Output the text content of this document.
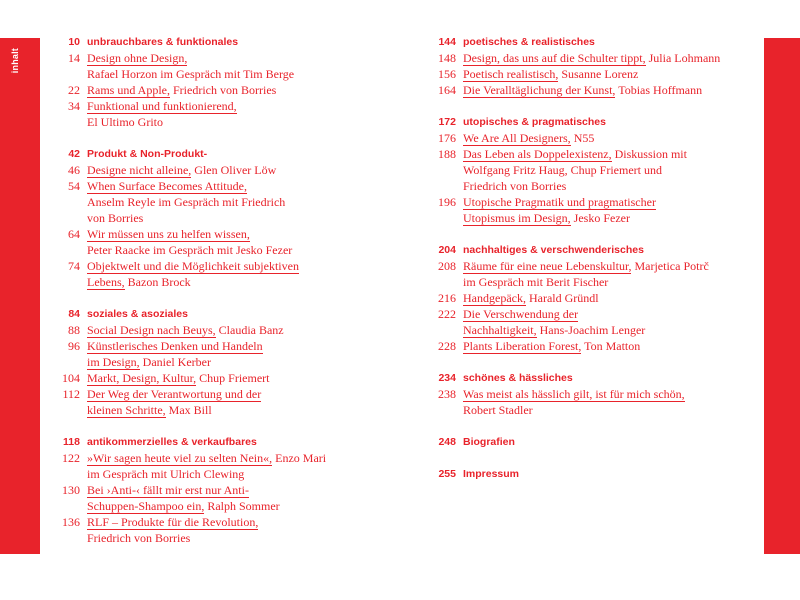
inhalt
10 unbrauchbares & funktionales
14 Design ohne Design,
Rafael Horzon im Gespräch mit Tim Berge
22 Rams und Apple, Friedrich von Borries
34 Funktional und funktionierend,
El Ultimo Grito
42 Produkt & Non-Produkt-
46 Designe nicht alleine, Glen Oliver Löw
54 When Surface Becomes Attitude,
Anselm Reyle im Gespräch mit Friedrich
von Borries
64 Wir müssen uns zu helfen wissen,
Peter Raacke im Gespräch mit Jesko Fezer
74 Objektwelt und die Möglichkeit subjektiven
Lebens, Bazon Brock
84 soziales & asoziales
88 Social Design nach Beuys, Claudia Banz
96 Künstlerisches Denken und Handeln
im Design, Daniel Kerber
104 Markt, Design, Kultur, Chup Friemert
112 Der Weg der Verantwortung und der
kleinen Schritte, Max Bill
118 antikommerzielles & verkaufbares
122 »Wir sagen heute viel zu selten Nein«, Enzo Mari
im Gespräch mit Ulrich Clewing
130 Bei ›Anti-‹ fällt mir erst nur Anti-
Schuppen-Shampoo ein, Ralph Sommer
136 RLF – Produkte für die Revolution,
Friedrich von Borries
144 poetisches & realistisches
148 Design, das uns auf die Schulter tippt, Julia Lohmann
156 Poetisch realistisch, Susanne Lorenz
164 Die Veralltäglichung der Kunst, Tobias Hoffmann
172 utopisches & pragmatisches
176 We Are All Designers, N55
188 Das Leben als Doppelexistenz, Diskussion mit
Wolfgang Fritz Haug, Chup Friemert und
Friedrich von Borries
196 Utopische Pragmatik und pragmatischer
Utopismus im Design, Jesko Fezer
204 nachhaltiges & verschwenderisches
208 Räume für eine neue Lebenskultur, Marjetica Potrč
im Gespräch mit Berit Fischer
216 Handgepäck, Harald Gründl
222 Die Verschwendung der
Nachhaltigkeit, Hans-Joachim Lenger
228 Plants Liberation Forest, Ton Matton
234 schönes & hässliches
238 Was meist als hässlich gilt, ist für mich schön,
Robert Stadler
248 Biografien
255 Impressum
